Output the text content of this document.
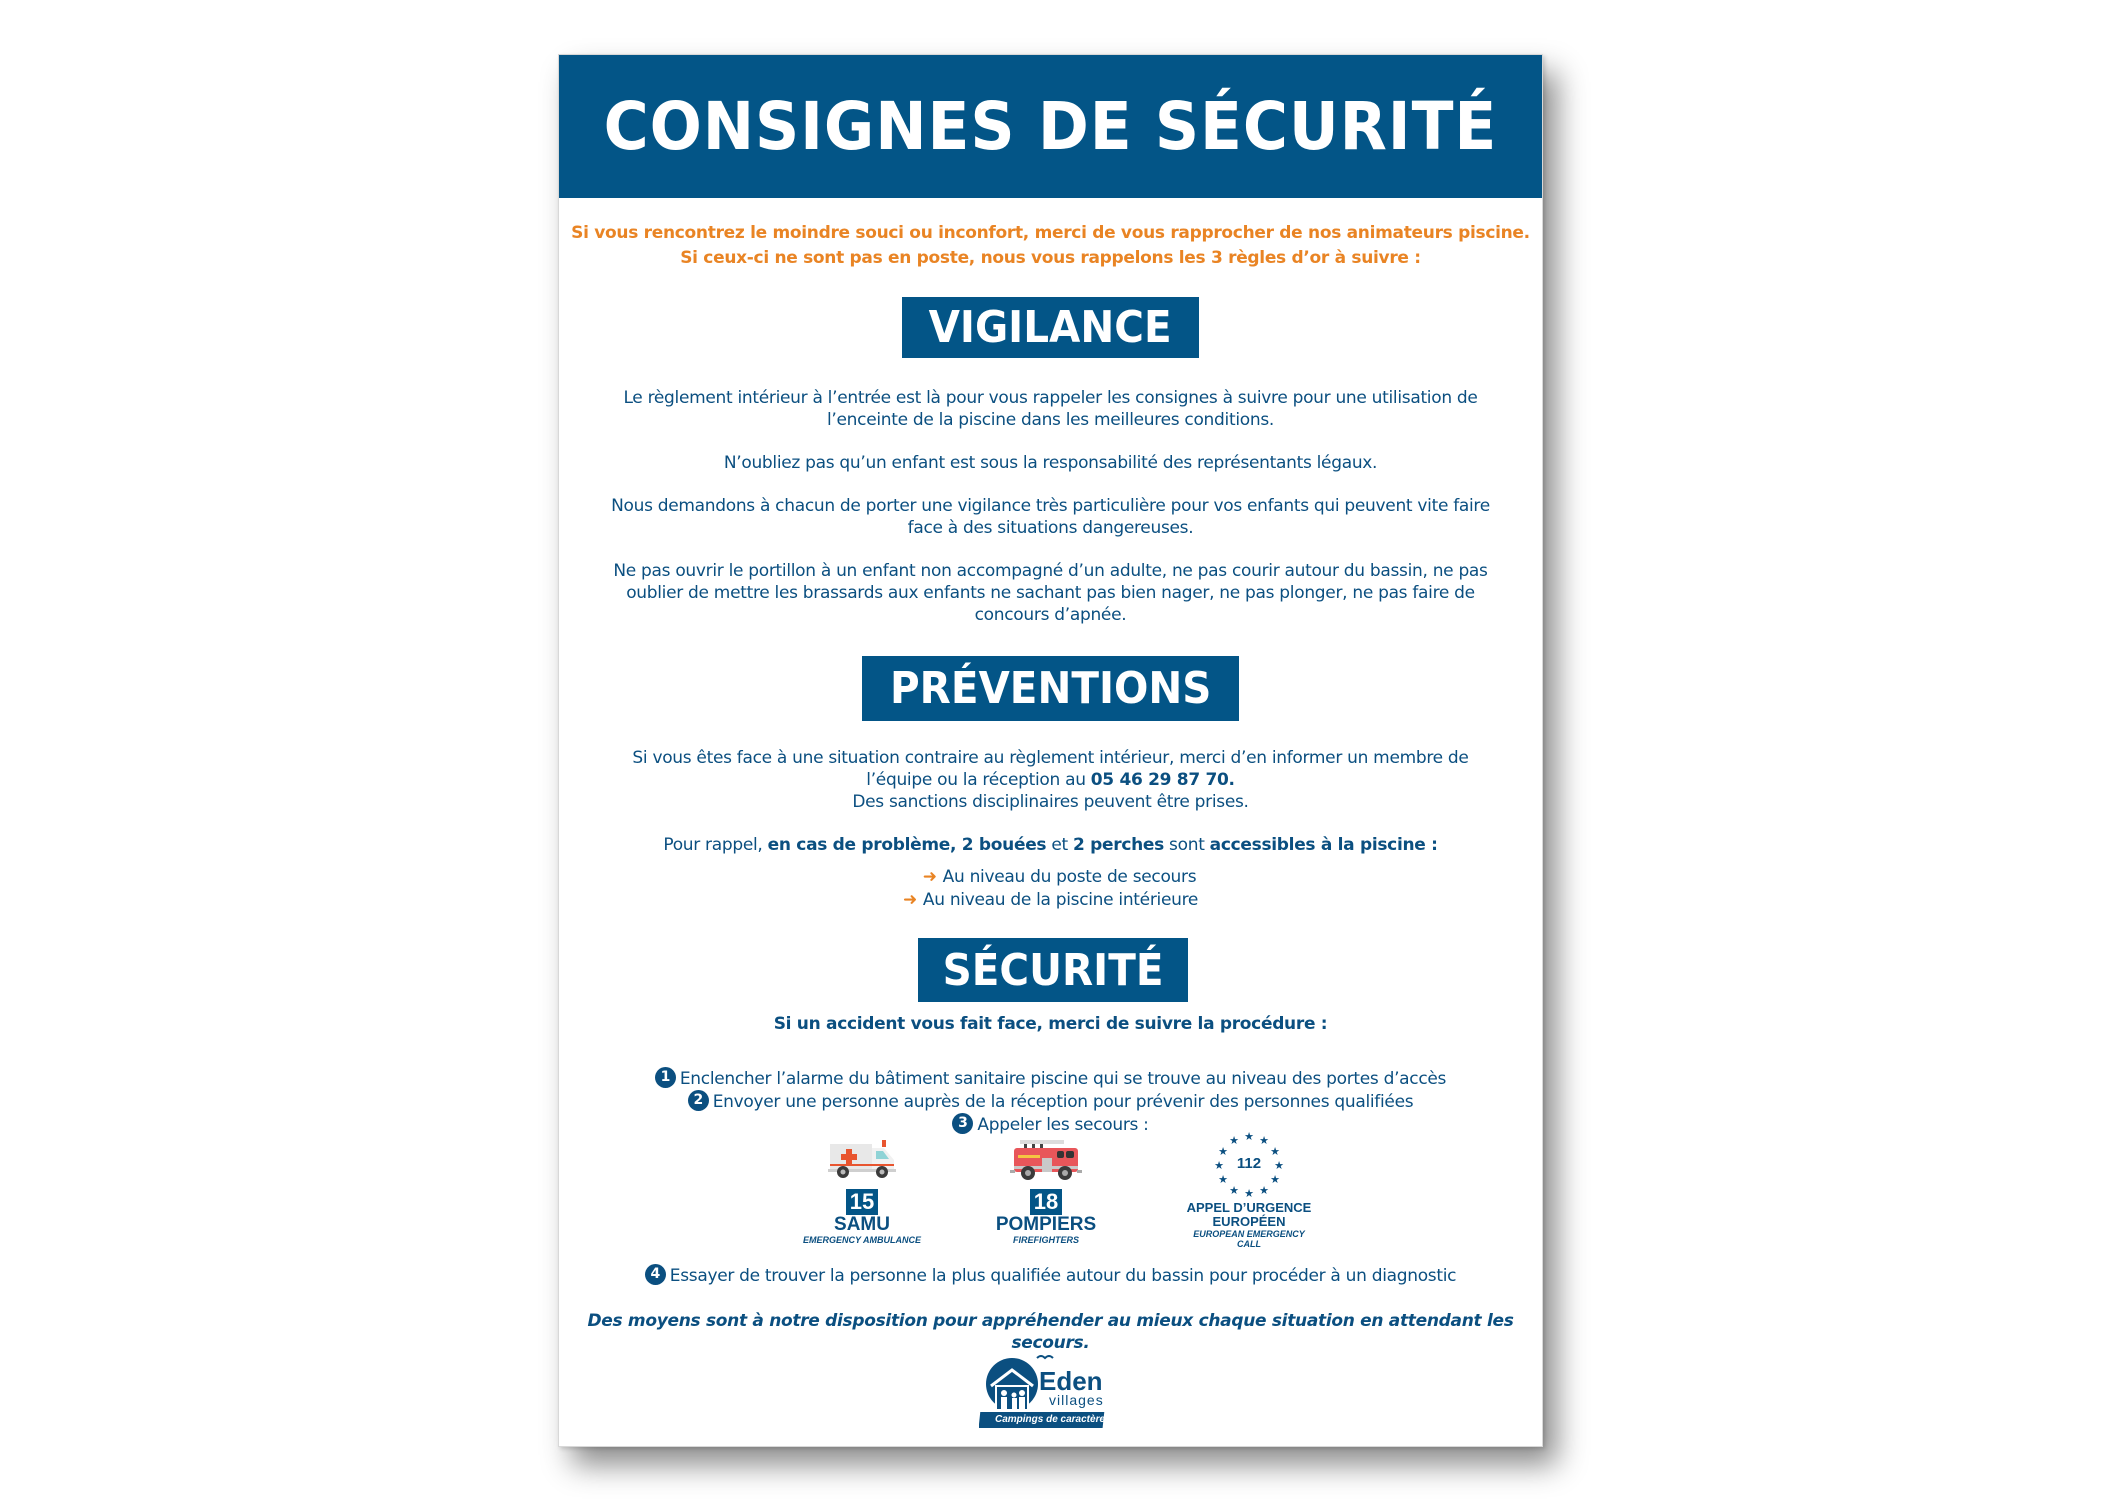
CONSIGNES DE SÉCURITÉ
Si vous rencontrez le moindre souci ou inconfort, merci de vous rapprocher de nos animateurs piscine.
Si ceux-ci ne sont pas en poste, nous vous rappelons les 3 règles d’or à suivre :
VIGILANCE
Le règlement intérieur à l’entrée est là pour vous rappeler les consignes à suivre pour une utilisation de
l’enceinte de la piscine dans les meilleures conditions.
N’oubliez pas qu’un enfant est sous la responsabilité des représentants légaux.
Nous demandons à chacun de porter une vigilance très particulière pour vos enfants qui peuvent vite faire
face à des situations dangereuses.
Ne pas ouvrir le portillon à un enfant non accompagné d’un adulte, ne pas courir autour du bassin, ne pas
oublier de mettre les brassards aux enfants ne sachant pas bien nager, ne pas plonger, ne pas faire de
concours d’apnée.
PRÉVENTIONS
Si vous êtes face à une situation contraire au règlement intérieur, merci d’en informer un membre de
l’équipe ou la réception au 05 46 29 87 70.
Des sanctions disciplinaires peuvent être prises.
Pour rappel, en cas de problème, 2 bouées et 2 perches sont accessibles à la piscine :
➜ Au niveau du poste de secours
➜ Au niveau de la piscine intérieure
SÉCURITÉ
Si un accident vous fait face, merci de suivre la procédure :
1 Enclencher l’alarme du bâtiment sanitaire piscine qui se trouve au niveau des portes d’accès
2 Envoyer une personne auprès de la réception pour prévenir des personnes qualifiées
3 Appeler les secours :
15
SAMU
EMERGENCY AMBULANCE
18
POMPIERS
FIREFIGHTERS
★ ★
★
★
★
★
★
★
★
★
★
★
112
APPEL D’URGENCE
EUROPÉEN
EUROPEAN EMERGENCY
CALL
4 Essayer de trouver la personne la plus qualifiée autour du bassin pour procéder à un diagnostic
Des moyens sont à notre disposition pour appréhender au mieux chaque situation en attendant les secours.
Eden
villages
Campings de caractère
